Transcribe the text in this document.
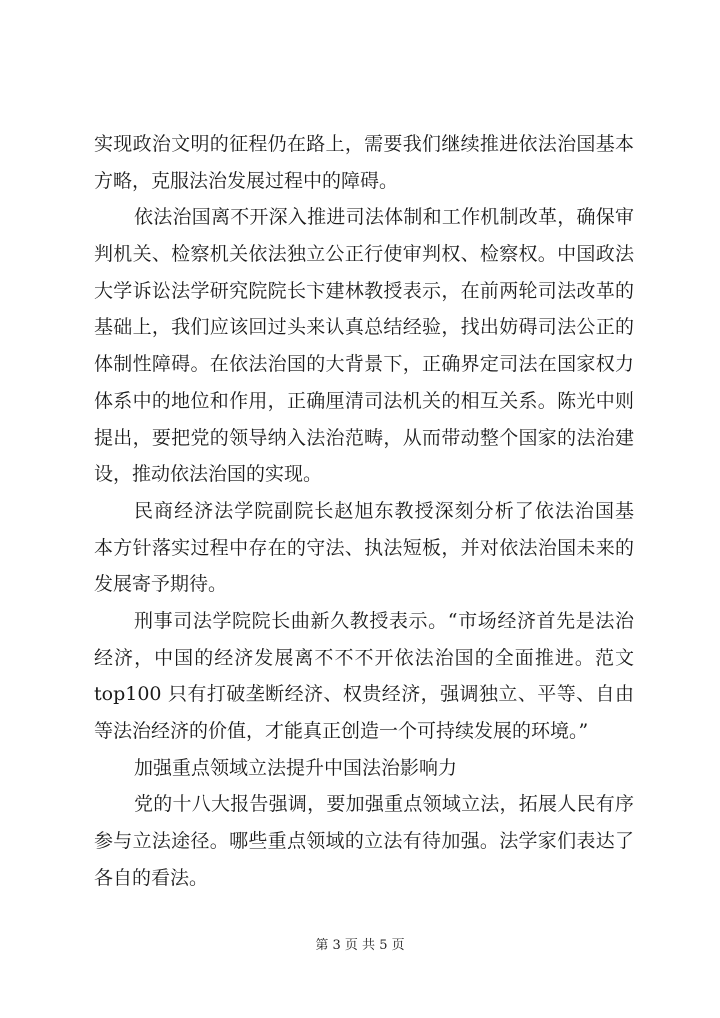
实现政治文明的征程仍在路上，需要我们继续推进依法治国基本
方略，克服法治发展过程中的障碍。
依法治国离不开深入推进司法体制和工作机制改革，确保审
判机关、检察机关依法独立公正行使审判权、检察权。中国政法
大学诉讼法学研究院院长卞建林教授表示，在前两轮司法改革的
基础上，我们应该回过头来认真总结经验，找出妨碍司法公正的
体制性障碍。在依法治国的大背景下，正确界定司法在国家权力
体系中的地位和作用，正确厘清司法机关的相互关系。陈光中则
提出，要把党的领导纳入法治范畴，从而带动整个国家的法治建
设，推动依法治国的实现。
民商经济法学院副院长赵旭东教授深刻分析了依法治国基
本方针落实过程中存在的守法、执法短板，并对依法治国未来的
发展寄予期待。
刑事司法学院院长曲新久教授表示。“市场经济首先是法治
经济，中国的经济发展离不不不开依法治国的全面推进。范文
top100 只有打破垄断经济、权贵经济，强调独立、平等、自由
等法治经济的价值，才能真正创造一个可持续发展的环境。”
加强重点领域立法提升中国法治影响力
党的十八大报告强调，要加强重点领域立法，拓展人民有序
参与立法途径。哪些重点领域的立法有待加强。法学家们表达了
各自的看法。
第 3 页 共 5 页
